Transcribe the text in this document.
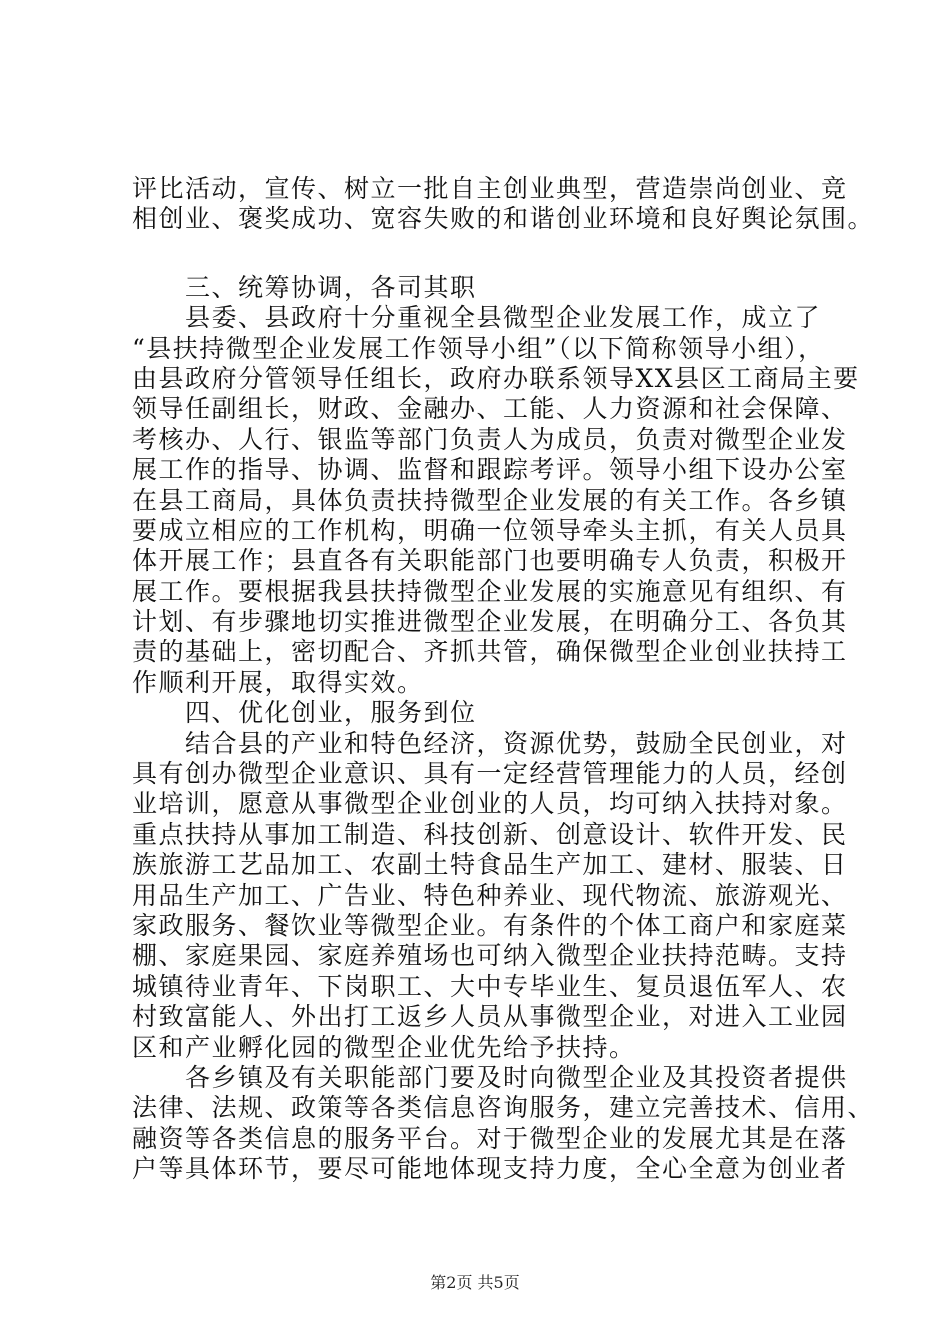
评比活动，宣传、树立一批自主创业典型，营造崇尚创业、竞
相创业、褒奖成功、宽容失败的和谐创业环境和良好舆论氛围。
　　三、统筹协调，各司其职
　　县委、县政府十分重视全县微型企业发展工作，成立了
“县扶持微型企业发展工作领导小组”（以下简称领导小组），
由县政府分管领导任组长，政府办联系领导XX县区工商局主要
领导任副组长，财政、金融办、工能、人力资源和社会保障、
考核办、人行、银监等部门负责人为成员，负责对微型企业发
展工作的指导、协调、监督和跟踪考评。领导小组下设办公室
在县工商局，具体负责扶持微型企业发展的有关工作。各乡镇
要成立相应的工作机构，明确一位领导牵头主抓，有关人员具
体开展工作；县直各有关职能部门也要明确专人负责，积极开
展工作。要根据我县扶持微型企业发展的实施意见有组织、有
计划、有步骤地切实推进微型企业发展，在明确分工、各负其
责的基础上，密切配合、齐抓共管，确保微型企业创业扶持工
作顺利开展，取得实效。
　　四、优化创业，服务到位
　　结合县的产业和特色经济，资源优势，鼓励全民创业，对
具有创办微型企业意识、具有一定经营管理能力的人员，经创
业培训，愿意从事微型企业创业的人员，均可纳入扶持对象。
重点扶持从事加工制造、科技创新、创意设计、软件开发、民
族旅游工艺品加工、农副土特食品生产加工、建材、服装、日
用品生产加工、广告业、特色种养业、现代物流、旅游观光、
家政服务、餐饮业等微型企业。有条件的个体工商户和家庭菜
棚、家庭果园、家庭养殖场也可纳入微型企业扶持范畴。支持
城镇待业青年、下岗职工、大中专毕业生、复员退伍军人、农
村致富能人、外出打工返乡人员从事微型企业，对进入工业园
区和产业孵化园的微型企业优先给予扶持。
　　各乡镇及有关职能部门要及时向微型企业及其投资者提供
法律、法规、政策等各类信息咨询服务，建立完善技术、信用、
融资等各类信息的服务平台。对于微型企业的发展尤其是在落
户等具体环节，要尽可能地体现支持力度，全心全意为创业者
第2页 共5页
